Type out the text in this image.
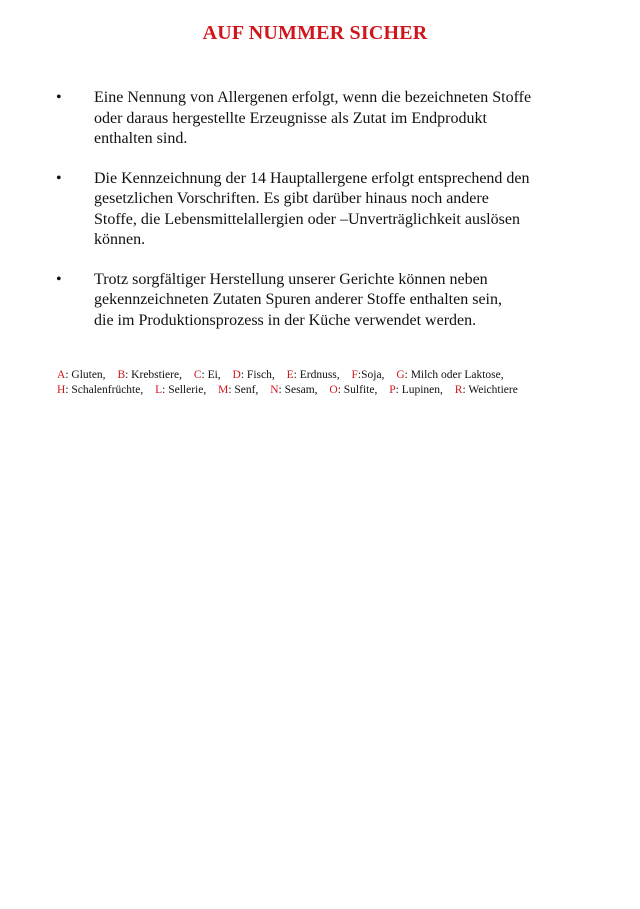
AUF NUMMER SICHER
•	Eine Nennung von Allergenen erfolgt, wenn die bezeichneten Stoffe
oder daraus hergestellte Erzeugnisse als Zutat im Endprodukt
enthalten sind.
•	Die Kennzeichnung der 14 Hauptallergene erfolgt entsprechend den
gesetzlichen Vorschriften. Es gibt darüber hinaus noch andere
Stoffe, die Lebensmittelallergien oder –Unverträglichkeit auslösen
können.
•	Trotz sorgfältiger Herstellung unserer Gerichte können neben
gekennzeichneten Zutaten Spuren anderer Stoffe enthalten sein,
die im Produktionsprozess in der Küche verwendet werden.
A: Gluten, B: Krebstiere, C: Ei, D: Fisch, E: Erdnuss, F:Soja, G: Milch oder Laktose,
H: Schalenfrüchte, L: Sellerie, M: Senf, N: Sesam, O: Sulfite, P: Lupinen, R: Weichtiere
